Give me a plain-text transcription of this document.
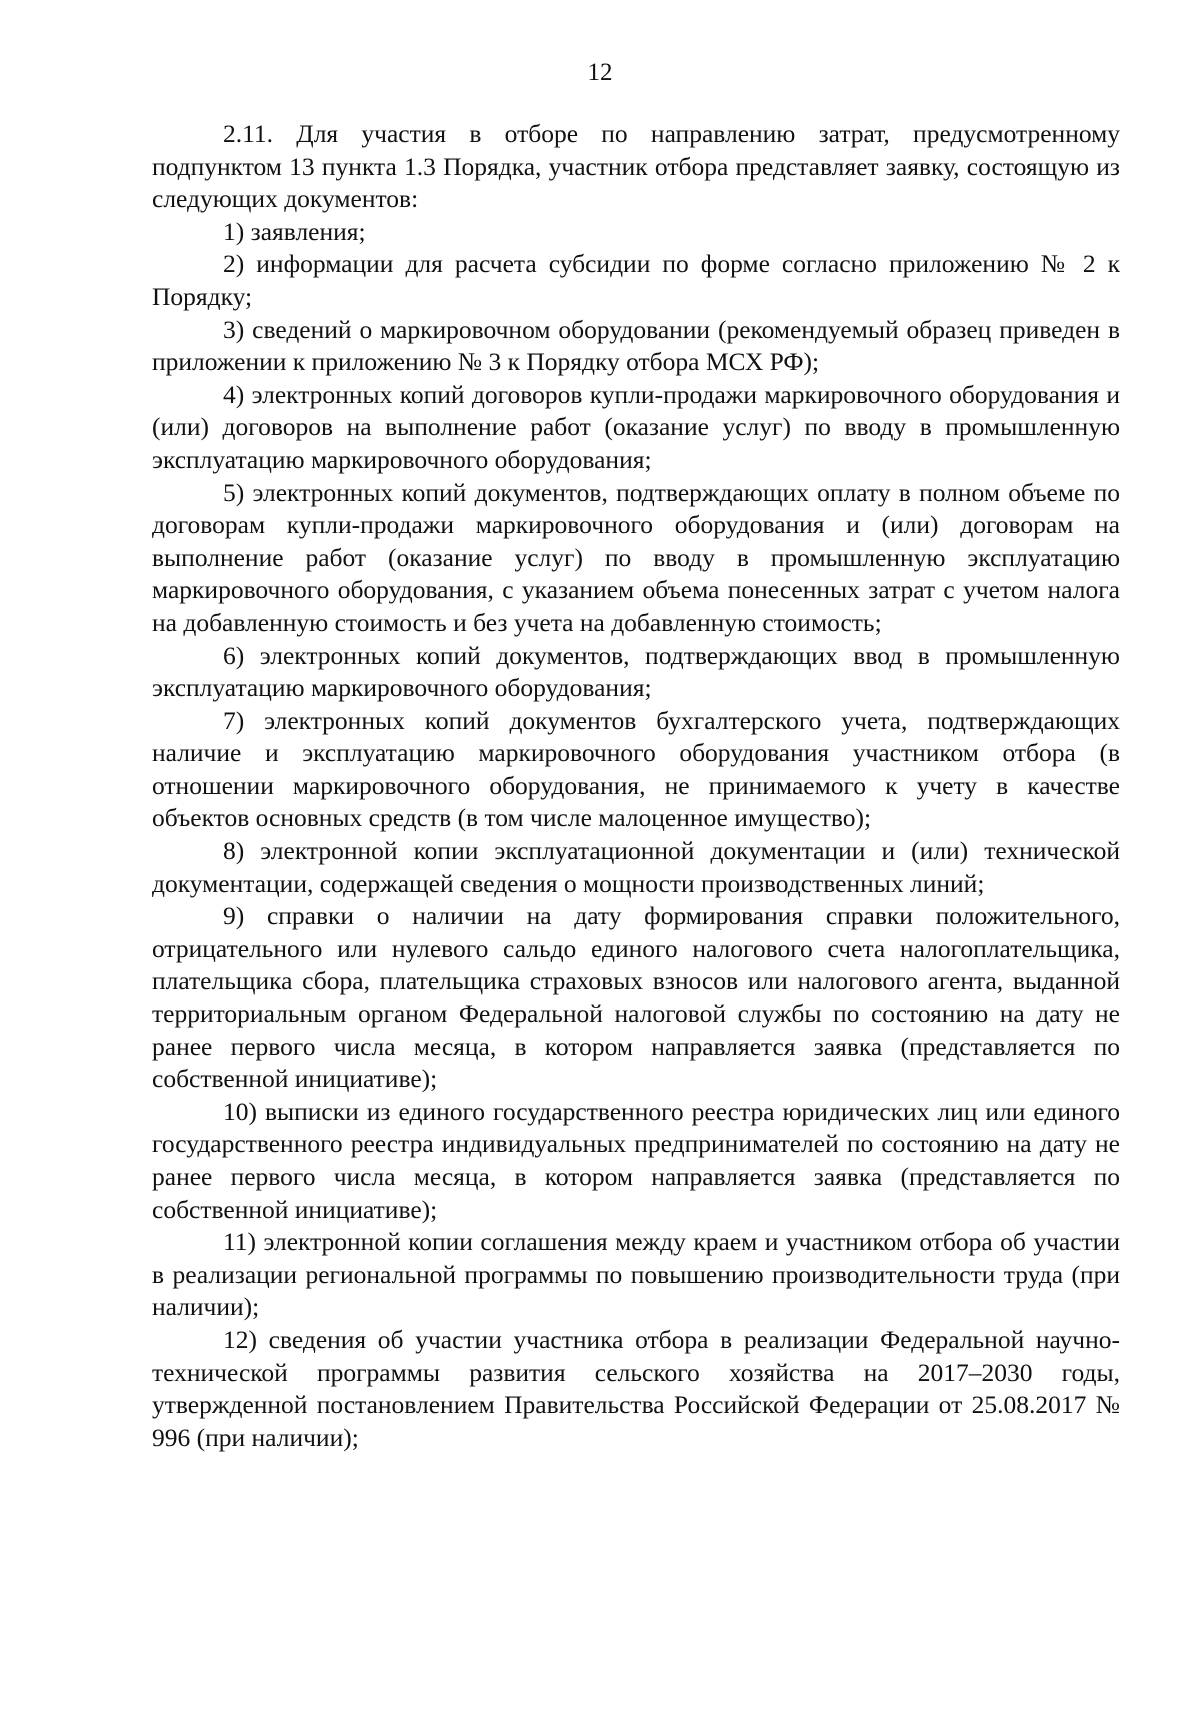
12

2.11. Для участия в отборе по направлению затрат, предусмотренному подпунктом 13 пункта 1.3 Порядка, участник отбора представляет заявку, состоящую из следующих документов:

1) заявления;

2) информации для расчета субсидии по форме согласно приложению № 2 к Порядку;

3) сведений о маркировочном оборудовании (рекомендуемый образец приведен в приложении к приложению № 3 к Порядку отбора МСХ РФ);

4) электронных копий договоров купли-продажи маркировочного оборудования и (или) договоров на выполнение работ (оказание услуг) по вводу в промышленную эксплуатацию маркировочного оборудования;

5) электронных копий документов, подтверждающих оплату в полном объеме по договорам купли-продажи маркировочного оборудования и (или) договорам на выполнение работ (оказание услуг) по вводу в промышленную эксплуатацию маркировочного оборудования, с указанием объема понесенных затрат с учетом налога на добавленную стоимость и без учета на добавленную стоимость;

6) электронных копий документов, подтверждающих ввод в промышленную эксплуатацию маркировочного оборудования;

7) электронных копий документов бухгалтерского учета, подтверждающих наличие и эксплуатацию маркировочного оборудования участником отбора (в отношении маркировочного оборудования, не принимаемого к учету в качестве объектов основных средств (в том числе малоценное имущество);

8) электронной копии эксплуатационной документации и (или) технической документации, содержащей сведения о мощности производственных линий;

9) справки о наличии на дату формирования справки положительного, отрицательного или нулевого сальдо единого налогового счета налогоплательщика, плательщика сбора, плательщика страховых взносов или налогового агента, выданной территориальным органом Федеральной налоговой службы по состоянию на дату не ранее первого числа месяца, в котором направляется заявка (представляется по собственной инициативе);

10) выписки из единого государственного реестра юридических лиц или единого государственного реестра индивидуальных предпринимателей по состоянию на дату не ранее первого числа месяца, в котором направляется заявка (представляется по собственной инициативе);

11) электронной копии соглашения между краем и участником отбора об участии в реализации региональной программы по повышению производительности труда (при наличии);

12) сведения об участии участника отбора в реализации Федеральной научно-технической программы развития сельского хозяйства на 2017–2030 годы, утвержденной постановлением Правительства Российской Федерации от 25.08.2017 № 996 (при наличии);
